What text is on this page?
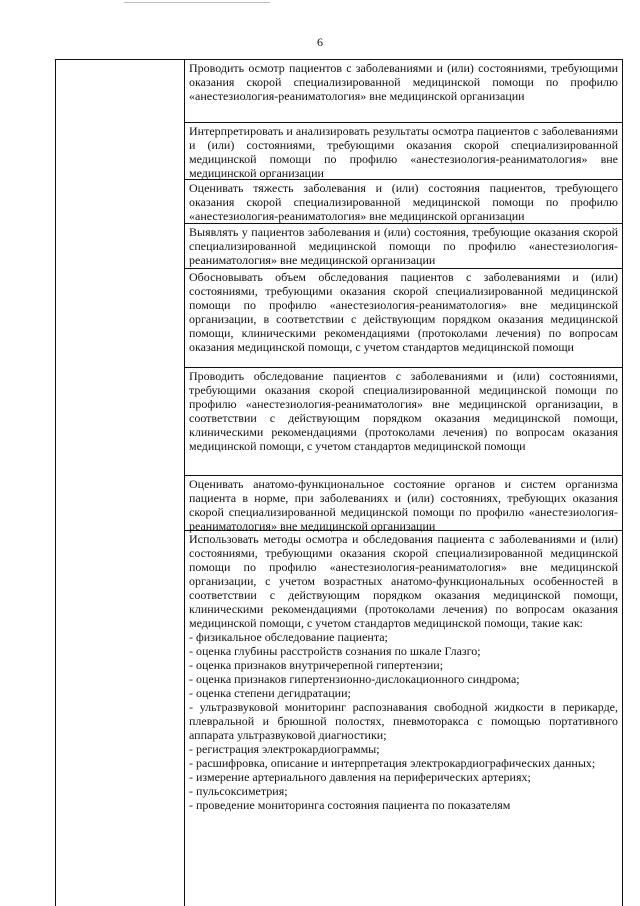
6
Проводить осмотр пациентов с заболеваниями и (или) состояниями, требующими оказания скорой специализированной медицинской помощи по профилю «анестезиология-реаниматология» вне медицинской организации
Интерпретировать и анализировать результаты осмотра пациентов с заболеваниями и (или) состояниями, требующими оказания скорой специализированной медицинской помощи по профилю «анестезиология-реаниматология» вне медицинской организации
Оценивать тяжесть заболевания и (или) состояния пациентов, требующего оказания скорой специализированной медицинской помощи по профилю «анестезиология-реаниматология» вне медицинской организации
Выявлять у пациентов заболевания и (или) состояния, требующие оказания скорой специализированной медицинской помощи по профилю «анестезиология-реаниматология» вне медицинской организации
Обосновывать объем обследования пациентов с заболеваниями и (или) состояниями, требующими оказания скорой специализированной медицинской помощи по профилю «анестезиология-реаниматология» вне медицинской организации, в соответствии с действующим порядком оказания медицинской помощи, клиническими рекомендациями (протоколами лечения) по вопросам оказания медицинской помощи, с учетом стандартов медицинской помощи
Проводить обследование пациентов с заболеваниями и (или) состояниями, требующими оказания скорой специализированной медицинской помощи по профилю «анестезиология-реаниматология» вне медицинской организации, в соответствии с действующим порядком оказания медицинской помощи, клиническими рекомендациями (протоколами лечения) по вопросам оказания медицинской помощи, с учетом стандартов медицинской помощи
Оценивать анатомо-функциональное состояние органов и систем организма пациента в норме, при заболеваниях и (или) состояниях, требующих оказания скорой специализированной медицинской помощи по профилю «анестезиология-реаниматология» вне медицинской организации
Использовать методы осмотра и обследования пациента с заболеваниями и (или) состояниями, требующими оказания скорой специализированной медицинской помощи по профилю «анестезиология-реаниматология» вне медицинской организации, с учетом возрастных анатомо-функциональных особенностей в соответствии с действующим порядком оказания медицинской помощи, клиническими рекомендациями (протоколами лечения) по вопросам оказания медицинской помощи, с учетом стандартов медицинской помощи, такие как:
- физикальное обследование пациента;
- оценка глубины расстройств сознания по шкале Глазго;
- оценка признаков внутричерепной гипертензии;
- оценка признаков гипертензионно-дислокационного синдрома;
- оценка степени дегидратации;
- ультразвуковой мониторинг распознавания свободной жидкости в перикарде, плевральной и брюшной полостях, пневмоторакса с помощью портативного аппарата ультразвуковой диагностики;
- регистрация электрокардиограммы;
- расшифровка, описание и интерпретация электрокардиографических данных;
- измерение артериального давления на периферических артериях;
- пульсоксиметрия;
- проведение мониторинга состояния пациента по показателям
